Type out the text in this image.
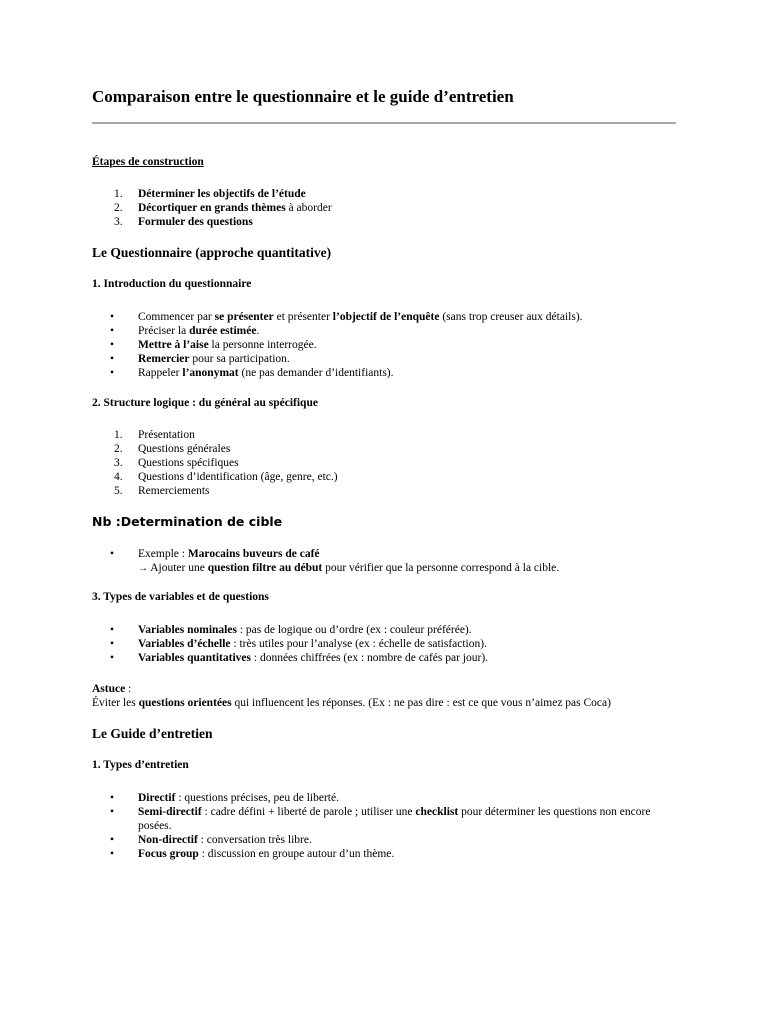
Comparaison entre le questionnaire et le guide d’entretien
Étapes de construction
1.	Déterminer les objectifs de l’étude
2.	Décortiquer en grands thèmes à aborder
3.	Formuler des questions
Le Questionnaire (approche quantitative)
1. Introduction du questionnaire
•	Commencer par se présenter et présenter l’objectif de l’enquête (sans trop creuser aux détails).
•	Préciser la durée estimée.
•	Mettre à l’aise la personne interrogée.
•	Remercier pour sa participation.
•	Rappeler l’anonymat (ne pas demander d’identifiants).
2. Structure logique : du général au spécifique
1.	Présentation
2.	Questions générales
3.	Questions spécifiques
4.	Questions d’identification (âge, genre, etc.)
5.	Remerciements
Nb :Determination de cible
•	Exemple : Marocains buveurs de café
→ Ajouter une question filtre au début pour vérifier que la personne correspond à la cible.
3. Types de variables et de questions
•	Variables nominales : pas de logique ou d’ordre (ex : couleur préférée).
•	Variables d’échelle : très utiles pour l’analyse (ex : échelle de satisfaction).
•	Variables quantitatives : données chiffrées (ex : nombre de cafés par jour).
Astuce :
Éviter les questions orientées qui influencent les réponses. (Ex : ne pas dire : est ce que vous n’aimez pas Coca)
Le Guide d’entretien
1. Types d’entretien
•	Directif : questions précises, peu de liberté.
•	Semi-directif : cadre défini + liberté de parole ; utiliser une checklist pour déterminer les questions non encore posées.
•	Non-directif : conversation très libre.
•	Focus group : discussion en groupe autour d’un thème.
